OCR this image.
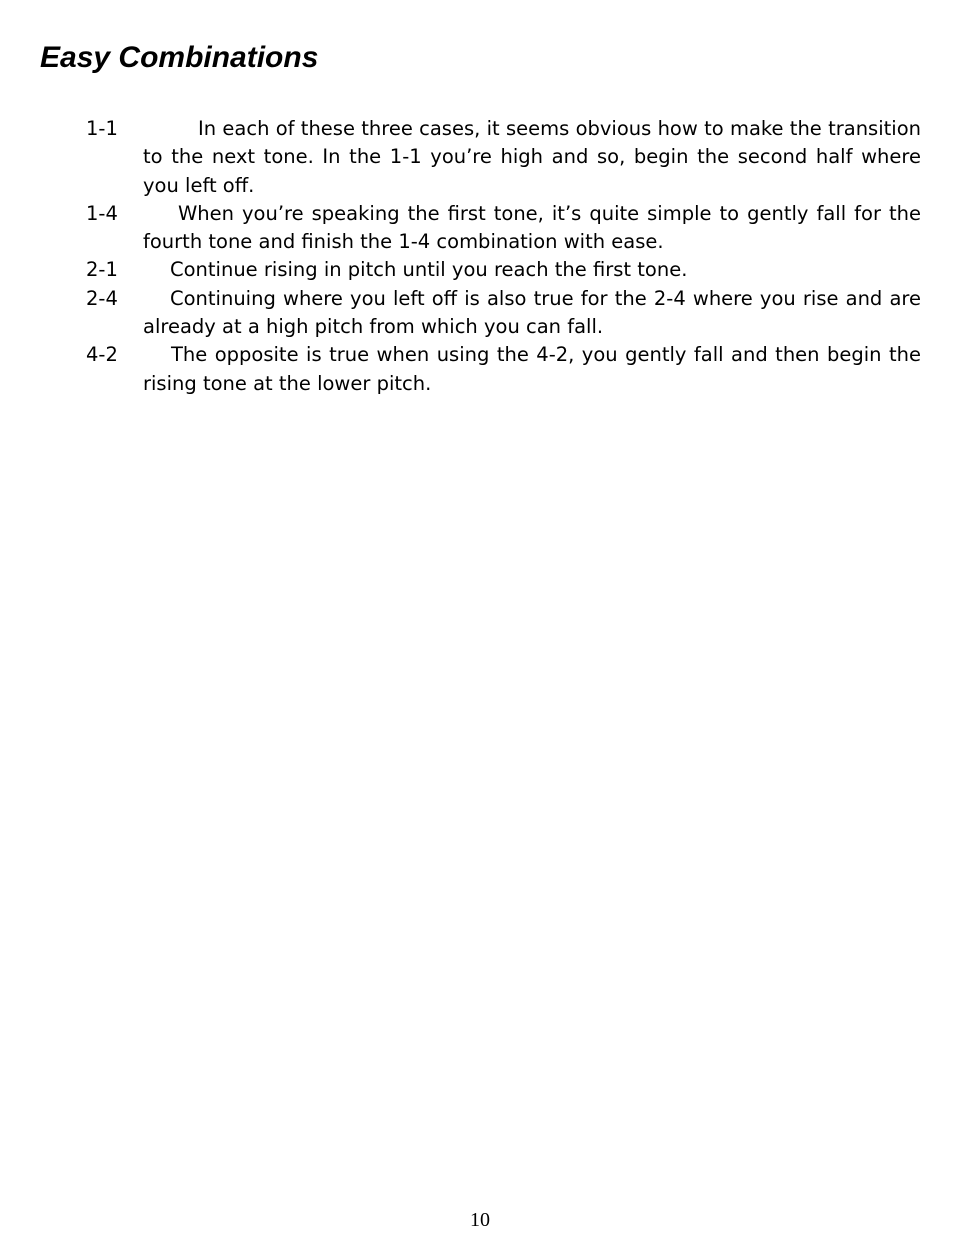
Easy Combinations
1-1	In each of these three cases, it seems obvious how to make the transition to the next tone. In the 1-1 you’re high and so, begin the second half where you left off.
1-4	When you’re speaking the first tone, it’s quite simple to gently fall for the fourth tone and finish the 1-4 combination with ease.
2-1	Continue rising in pitch until you reach the first tone.
2-4	Continuing where you left off is also true for the 2-4 where you rise and are already at a high pitch from which you can fall.
4-2	The opposite is true when using the 4-2, you gently fall and then begin the rising tone at the lower pitch.
10
